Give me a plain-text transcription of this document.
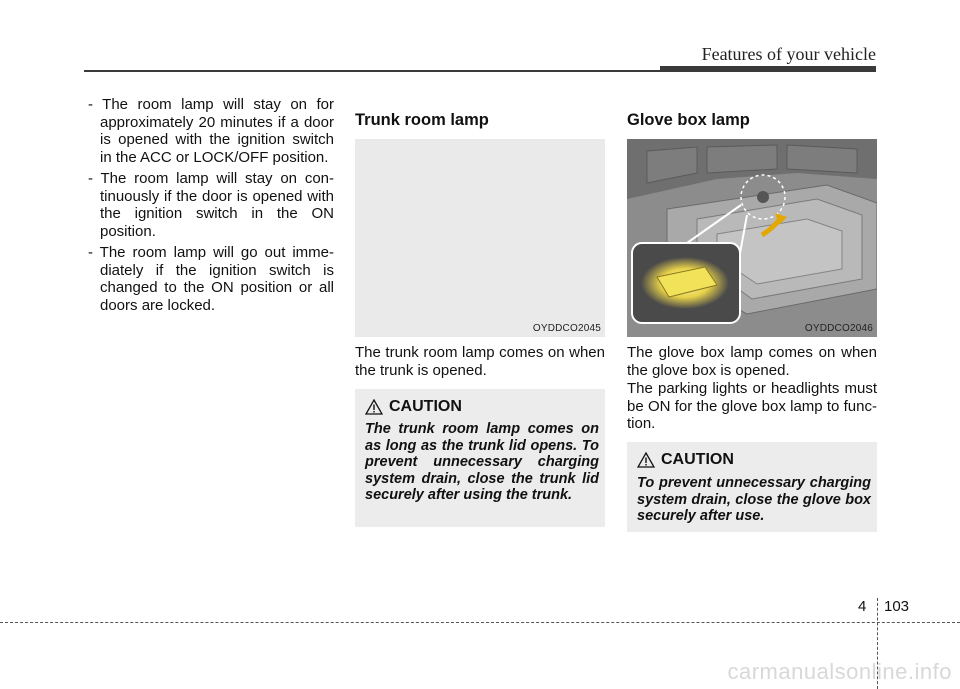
Features of your vehicle
- The room lamp will stay on for approximately 20 minutes if a door is opened with the ignition switch in the ACC or LOCK/OFF position.
- The room lamp will stay on continuously if the door is opened with the ignition switch in the ON position.
- The room lamp will go out immediately if the ignition switch is changed to the ON position or all doors are locked.
Trunk room lamp
OYDDCO2045
The trunk room lamp comes on when the trunk is opened.
CAUTION
The trunk room lamp comes on as long as the trunk lid opens. To prevent unnecessary charging system drain, close the trunk lid securely after using the trunk.
Glove box lamp
OYDDCO2046
The glove box lamp comes on when the glove box is opened.
The parking lights or headlights must be ON for the glove box lamp to function.
CAUTION
To prevent unnecessary charging system drain, close the glove box securely after use.
4 103
carmanualsonline.info
